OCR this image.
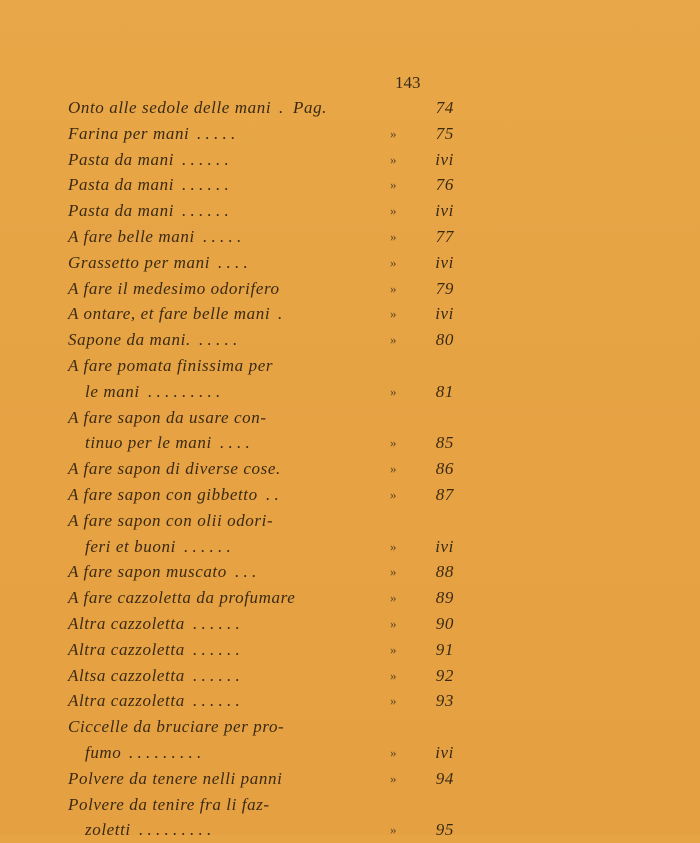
143
Onto alle sedole delle mani . Pag.	74
Farina per mani . . . . .	»	75
Pasta da mani . . . . . .	»	ivi
Pasta da mani . . . . . .	»	76
Pasta da mani . . . . . .	»	ivi
A fare belle mani . . . . .	»	77
Grassetto per mani . . . .	»	ivi
A fare il medesimo odorifero	»	79
A ontare, et fare belle mani .	»	ivi
Sapone da mani. . . . . .	»	80
A fare pomata finissima per
le mani . . . . . . . . .	»	81
A fare sapon da usare con-
tinuo per le mani . . . .	»	85
A fare sapon di diverse cose.	»	86
A fare sapon con gibbetto . .	»	87
A fare sapon con olii odori-
feri et buoni . . . . . .	»	ivi
A fare sapon muscato . . .	»	88
A fare cazzoletta da profumare	»	89
Altra cazzoletta . . . . . .	»	90
Altra cazzoletta . . . . . .	»	91
Altsa cazzoletta . . . . . .	»	92
Altra cazzoletta . . . . . .	»	93
Ciccelle da bruciare per pro-
fumo . . . . . . . . .	»	ivi
Polvere da tenere nelli panni	»	94
Polvere da tenire fra li faz-
zoletti . . . . . . . . .	»	95
